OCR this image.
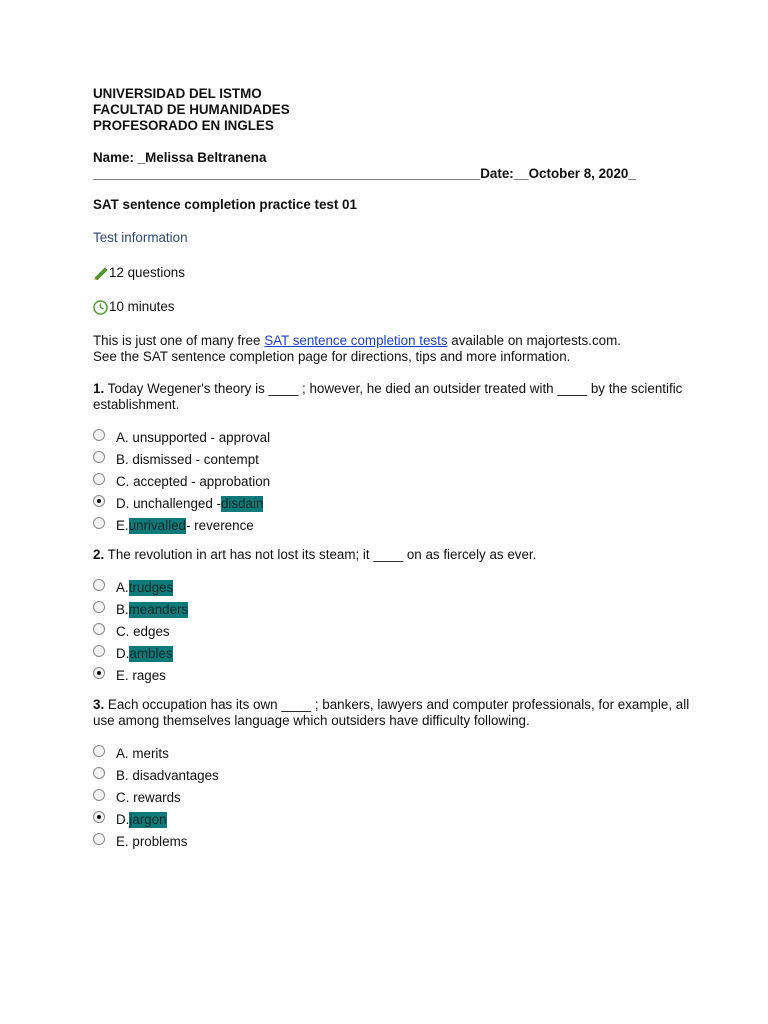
UNIVERSIDAD DEL ISTMO
FACULTAD DE HUMANIDADES
PROFESORADO EN INGLES
Name: _Melissa Beltranena
____________________________________________________Date:__October 8, 2020_
SAT sentence completion practice test 01
Test information
12 questions
10 minutes
This is just one of many free SAT sentence completion tests available on majortests.com.
See the SAT sentence completion page for directions, tips and more information.
1. Today Wegener's theory is ____ ; however, he died an outsider treated with ____ by the scientific establishment.
A. unsupported - approval
B. dismissed - contempt
C. accepted - approbation
D. unchallenged - disdain
E. unrivalled - reverence
2. The revolution in art has not lost its steam; it ____ on as fiercely as ever.
A. trudges
B. meanders
C. edges
D. ambles
E. rages
3. Each occupation has its own ____ ; bankers, lawyers and computer professionals, for example, all use among themselves language which outsiders have difficulty following.
A. merits
B. disadvantages
C. rewards
D. jargon
E. problems
